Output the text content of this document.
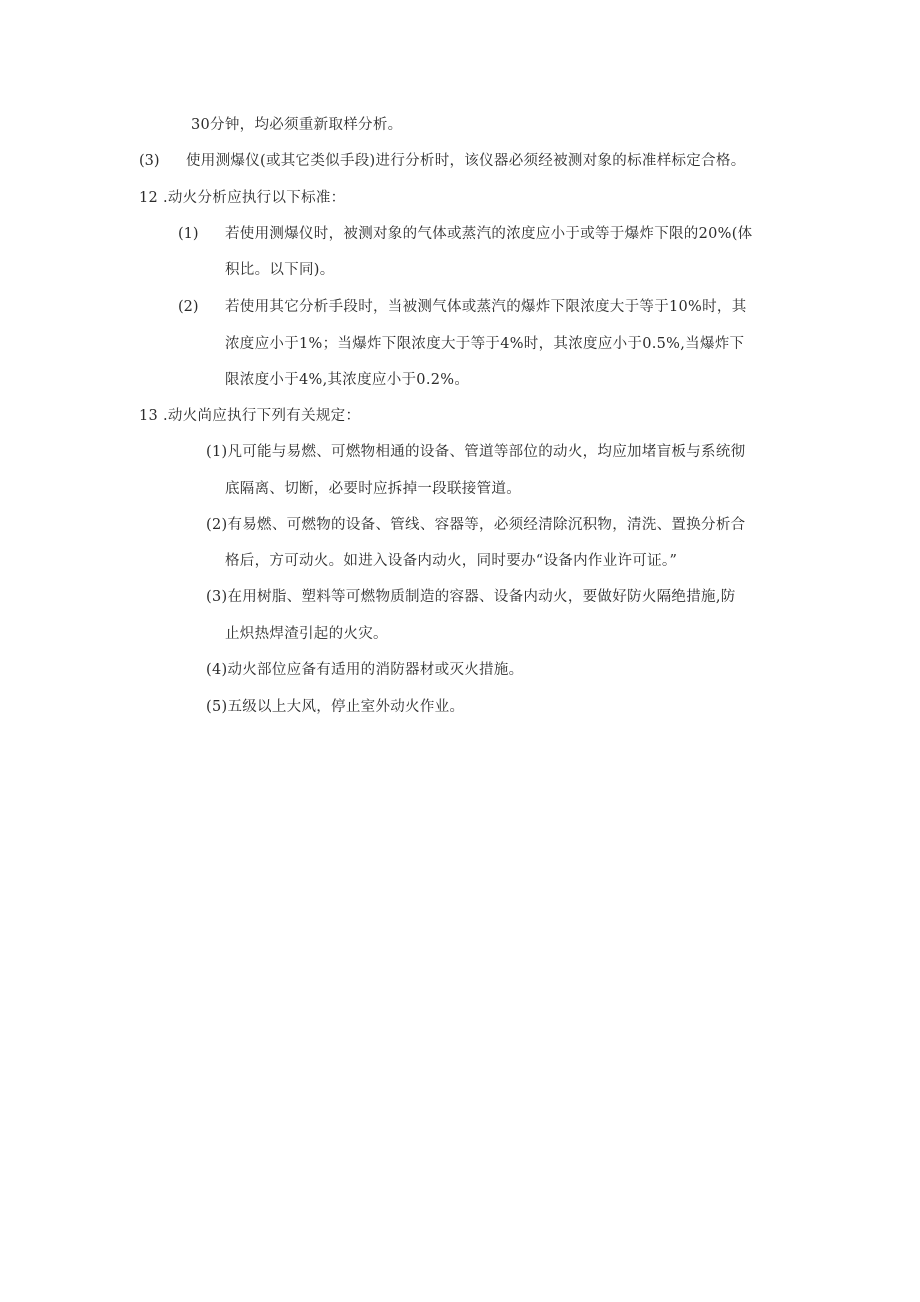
30分钟，均必须重新取样分析。
(3) 使用测爆仪(或其它类似手段)进行分析时，该仪器必须经被测对象的标准样标定合格。
12 .动火分析应执行以下标准：
(1) 若使用测爆仪时，被测对象的气体或蒸汽的浓度应小于或等于爆炸下限的20%(体
积比。以下同)。
(2) 若使用其它分析手段时，当被测气体或蒸汽的爆炸下限浓度大于等于10%时，其
浓度应小于1%；当爆炸下限浓度大于等于4%时，其浓度应小于0.5%,当爆炸下
限浓度小于4%,其浓度应小于0.2%。
13 .动火尚应执行下列有关规定：
(1)凡可能与易燃、可燃物相通的设备、管道等部位的动火，均应加堵盲板与系统彻
底隔离、切断，必要时应拆掉一段联接管道。
(2)有易燃、可燃物的设备、管线、容器等，必须经清除沉积物，清洗、置换分析合
格后，方可动火。如进入设备内动火，同时要办“设备内作业许可证。”
(3)在用树脂、塑料等可燃物质制造的容器、设备内动火，要做好防火隔绝措施,防
止炽热焊渣引起的火灾。
(4)动火部位应备有适用的消防器材或灭火措施。
(5)五级以上大风，停止室外动火作业。
